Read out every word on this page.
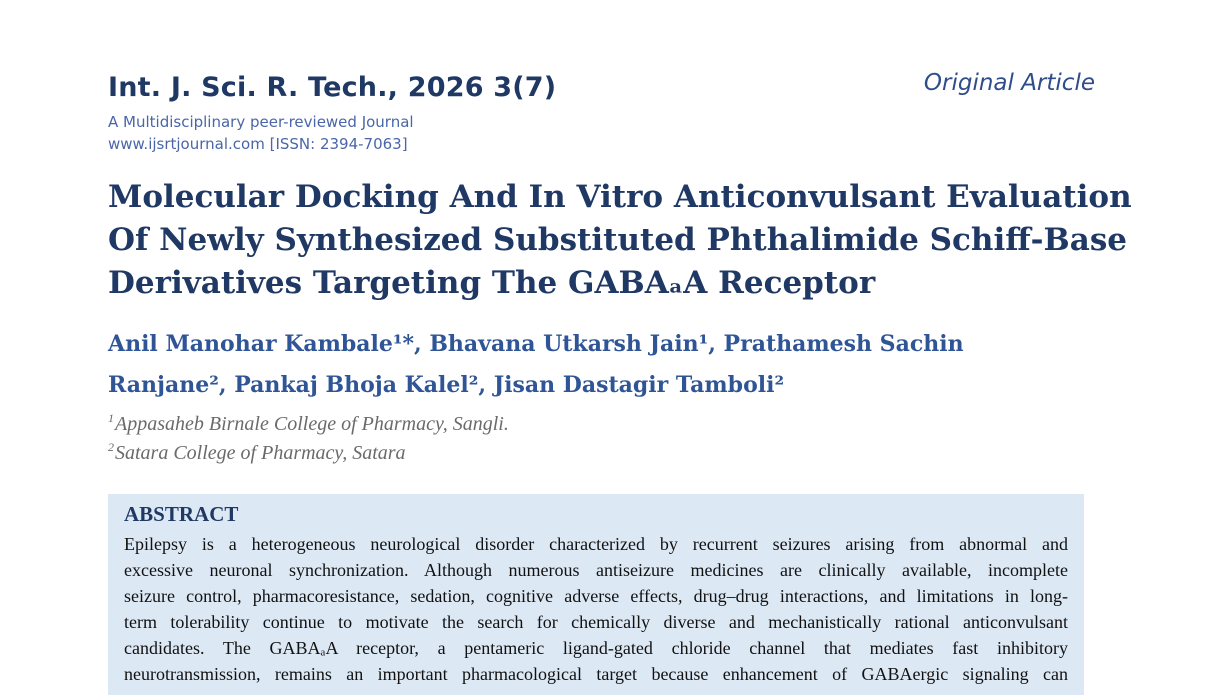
Int. J. Sci. R. Tech., 2026 3(7)	Original Article
A Multidisciplinary peer-reviewed Journal
www.ijsrtjournal.com [ISSN: 2394-7063]
Molecular Docking And In Vitro Anticonvulsant Evaluation
Of Newly Synthesized Substituted Phthalimide Schiff-Base
Derivatives Targeting The GABAₐA Receptor
Anil Manohar Kambale¹*, Bhavana Utkarsh Jain¹, Prathamesh Sachin
Ranjane², Pankaj Bhoja Kalel², Jisan Dastagir Tamboli²
$^1$Appasaheb Birnale College of Pharmacy, Sangli.
$^2$Satara College of Pharmacy, Satara
ABSTRACT
Epilepsy is a heterogeneous neurological disorder characterized by recurrent seizures arising from abnormal and
excessive neuronal synchronization. Although numerous antiseizure medicines are clinically available, incomplete
seizure control, pharmacoresistance, sedation, cognitive adverse effects, drug–drug interactions, and limitations in long-
term tolerability continue to motivate the search for chemically diverse and mechanistically rational anticonvulsant
candidates. The GABAₐA receptor, a pentameric ligand-gated chloride channel that mediates fast inhibitory
neurotransmission, remains an important pharmacological target because enhancement of GABAergic signaling can
